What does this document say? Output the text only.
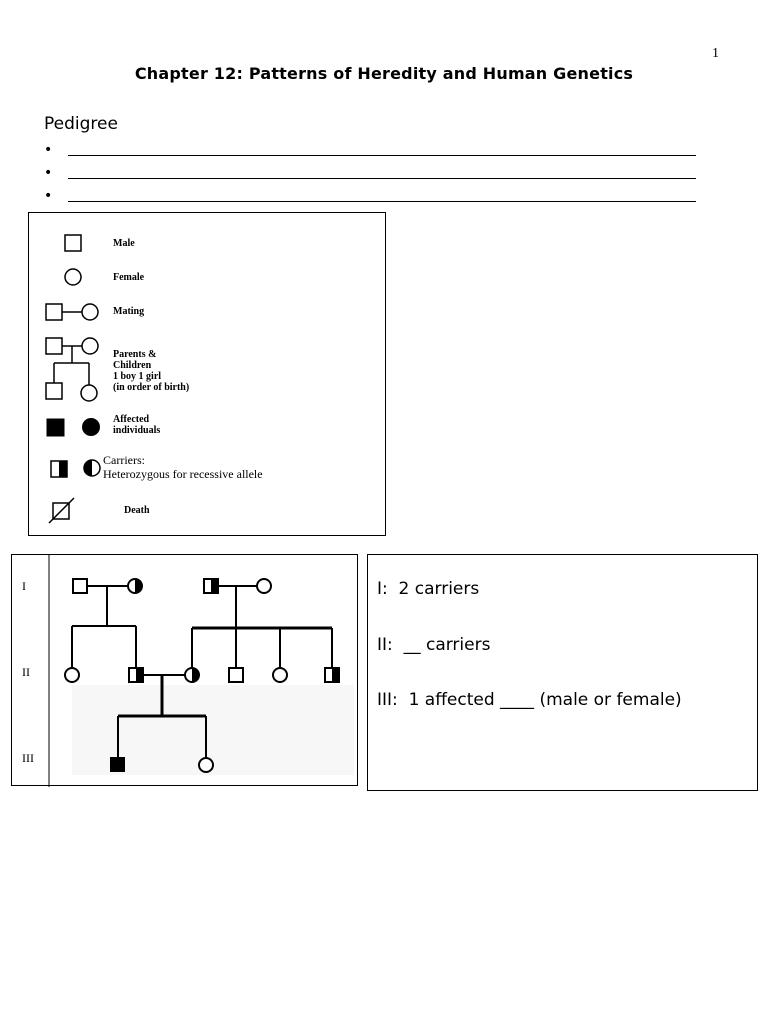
1
Chapter 12: Patterns of Heredity and Human Genetics
Pedigree
•
•
•
Male
Female
Mating
Parents &
Children
1 boy 1 girl
(in order of birth)
Affected
individuals
Carriers:
Heterozygous for recessive allele
Death
I
II
III
I:  2 carriers
II:  __ carriers
III:  1 affected ____ (male or female)
